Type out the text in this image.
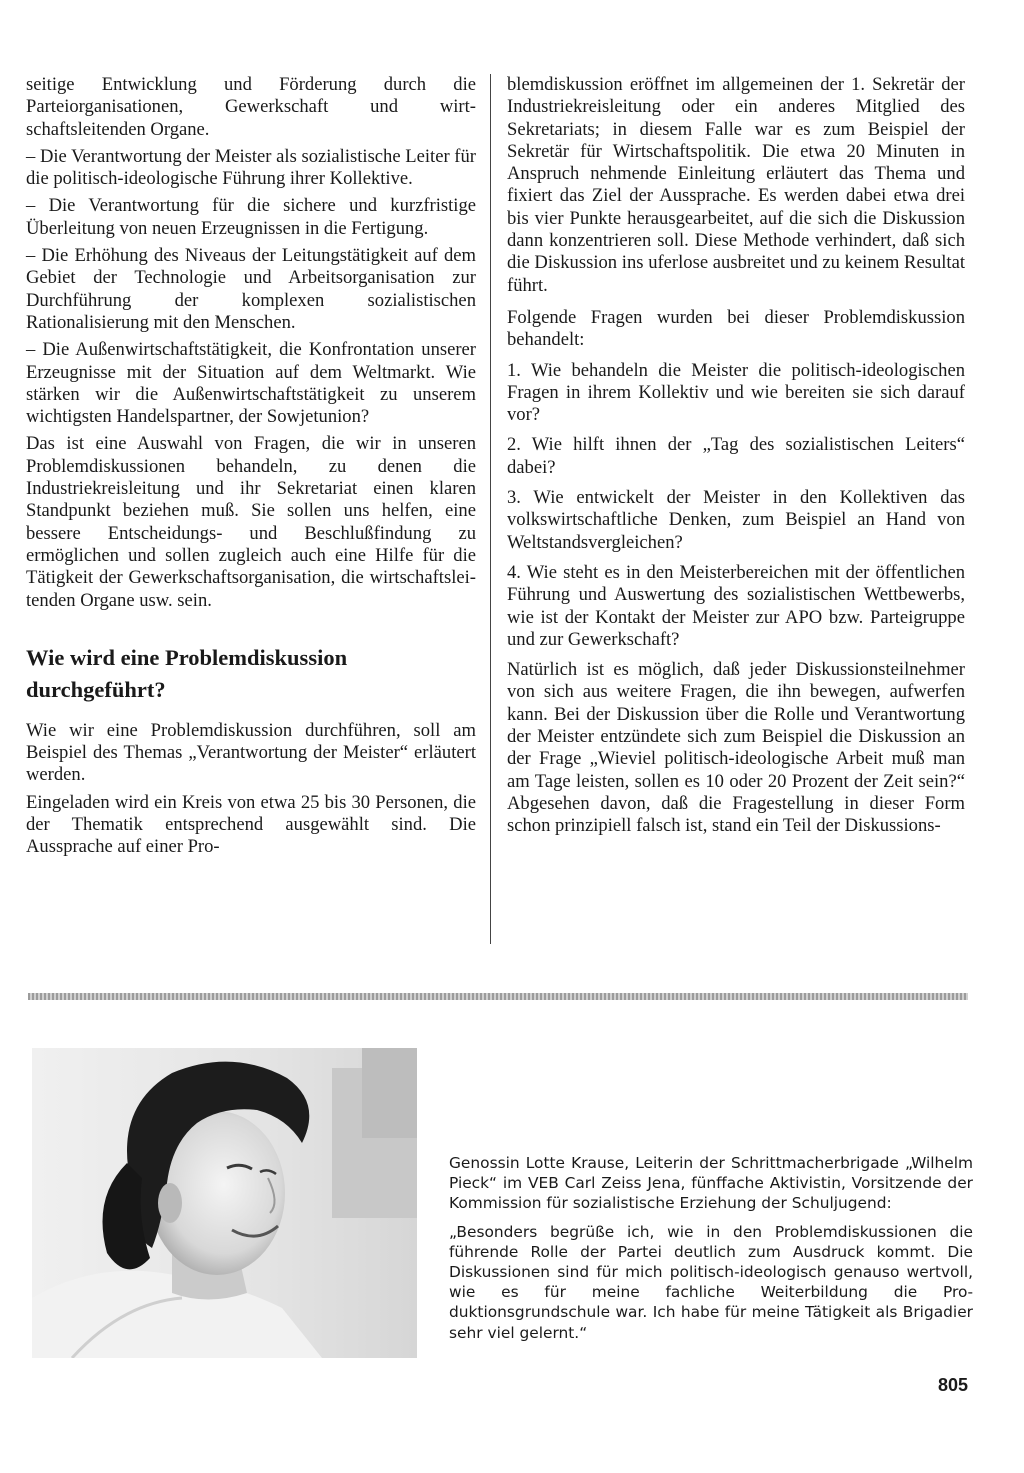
seitige Entwicklung und Förderung durch die Parteiorganisationen, Gewerkschaft und wirtschaftsleitenden Organe.

– Die Verantwortung der Meister als sozialistische Leiter für die politisch-ideologische Führung ihrer Kollektive.

– Die Verantwortung für die sichere und kurzfristige Überleitung von neuen Erzeugnissen in die Fertigung.

– Die Erhöhung des Niveaus der Leitungstätigkeit auf dem Gebiet der Technologie und Arbeitsorganisation zur Durchführung der komplexen sozialistischen Rationalisierung mit den Menschen.

– Die Außenwirtschaftstätigkeit, die Konfrontation unserer Erzeugnisse mit der Situation auf dem Weltmarkt. Wie stärken wir die Außenwirtschaftstätigkeit zu unserem wichtigsten Handelspartner, der Sowjetunion?

Das ist eine Auswahl von Fragen, die wir in unseren Problemdiskussionen behandeln, zu denen die Industriekreisleitung und ihr Sekretariat einen klaren Standpunkt beziehen muß. Sie sollen uns helfen, eine bessere Entscheidungs- und Beschlußfindung zu ermöglichen und sollen zugleich auch eine Hilfe für die Tätigkeit der Gewerkschaftsorganisation, die wirtschaftsleitenden Organe usw. sein.

Wie wird eine Problemdiskussion durchgeführt?

Wie wir eine Problemdiskussion durchführen, soll am Beispiel des Themas „Verantwortung der Meister“ erläutert werden.

Eingeladen wird ein Kreis von etwa 25 bis 30 Personen, die der Thematik entsprechend ausgewählt sind. Die Aussprache auf einer Pro-

blemdiskussion eröffnet im allgemeinen der 1. Sekretär der Industriekreisleitung oder ein anderes Mitglied des Sekretariats; in diesem Falle war es zum Beispiel der Sekretär für Wirtschaftspolitik. Die etwa 20 Minuten in Anspruch nehmende Einleitung erläutert das Thema und fixiert das Ziel der Aussprache. Es werden dabei etwa drei bis vier Punkte herausgearbeitet, auf die sich die Diskussion dann konzentrieren soll. Diese Methode verhindert, daß sich die Diskussion ins uferlose ausbreitet und zu keinem Resultat führt.

Folgende Fragen wurden bei dieser Problemdiskussion behandelt:

1. Wie behandeln die Meister die politisch-ideologischen Fragen in ihrem Kollektiv und wie bereiten sie sich darauf vor?

2. Wie hilft ihnen der „Tag des sozialistischen Leiters“ dabei?

3. Wie entwickelt der Meister in den Kollektiven das volkswirtschaftliche Denken, zum Beispiel an Hand von Weltstandsvergleichen?

4. Wie steht es in den Meisterbereichen mit der öffentlichen Führung und Auswertung des sozialistischen Wettbewerbs, wie ist der Kontakt der Meister zur APO bzw. Parteigruppe und zur Gewerkschaft?

Natürlich ist es möglich, daß jeder Diskussionsteilnehmer von sich aus weitere Fragen, die ihn bewegen, aufwerfen kann. Bei der Diskussion über die Rolle und Verantwortung der Meister entzündete sich zum Beispiel die Diskussion an der Frage „Wieviel politisch-ideologische Arbeit muß man am Tage leisten, sollen es 10 oder 20 Prozent der Zeit sein?“ Abgesehen davon, daß die Fragestellung in dieser Form schon prinzipiell falsch ist, stand ein Teil der Diskussions-

Genossin Lotte Krause, Leiterin der Schrittmacherbrigade „Wilhelm Pieck“ im VEB Carl Zeiss Jena, fünffache Aktivistin, Vorsitzende der Kommission für sozialistische Erziehung der Schuljugend:

„Besonders begrüße ich, wie in den Problemdiskussionen die führende Rolle der Partei deutlich zum Ausdruck kommt. Die Diskussionen sind für mich politisch-ideologisch genauso wertvoll, wie es für meine fachliche Weiterbildung die Produktionsgrundschule war. Ich habe für meine Tätigkeit als Brigadier sehr viel gelernt.“

805
